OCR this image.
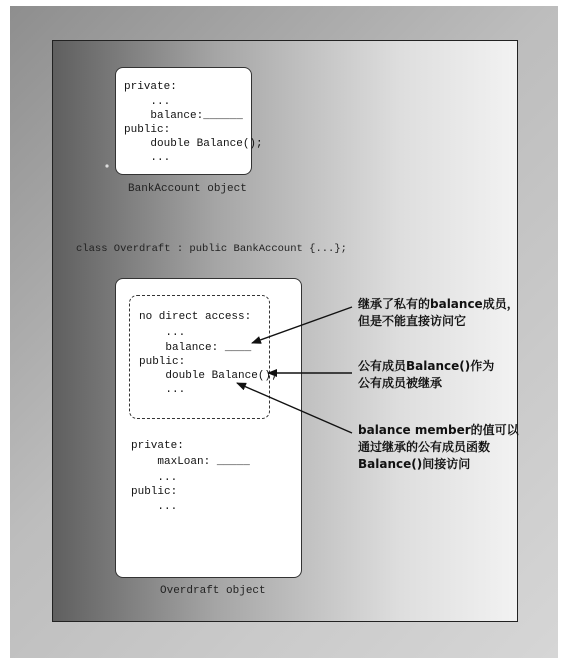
private:
...
balance:______
public:
double Balance();
...
BankAccount object
class Overdraft : public BankAccount {...};
private:
maxLoan: _____
...
public:
...
no direct access:
...
balance: ____
public:
double Balance();
...
Overdraft object
继承了私有的balance成员，
但是不能直接访问它
公有成员Balance()作为
公有成员被继承
balance member的值可以
通过继承的公有成员函数
Balance()间接访问
